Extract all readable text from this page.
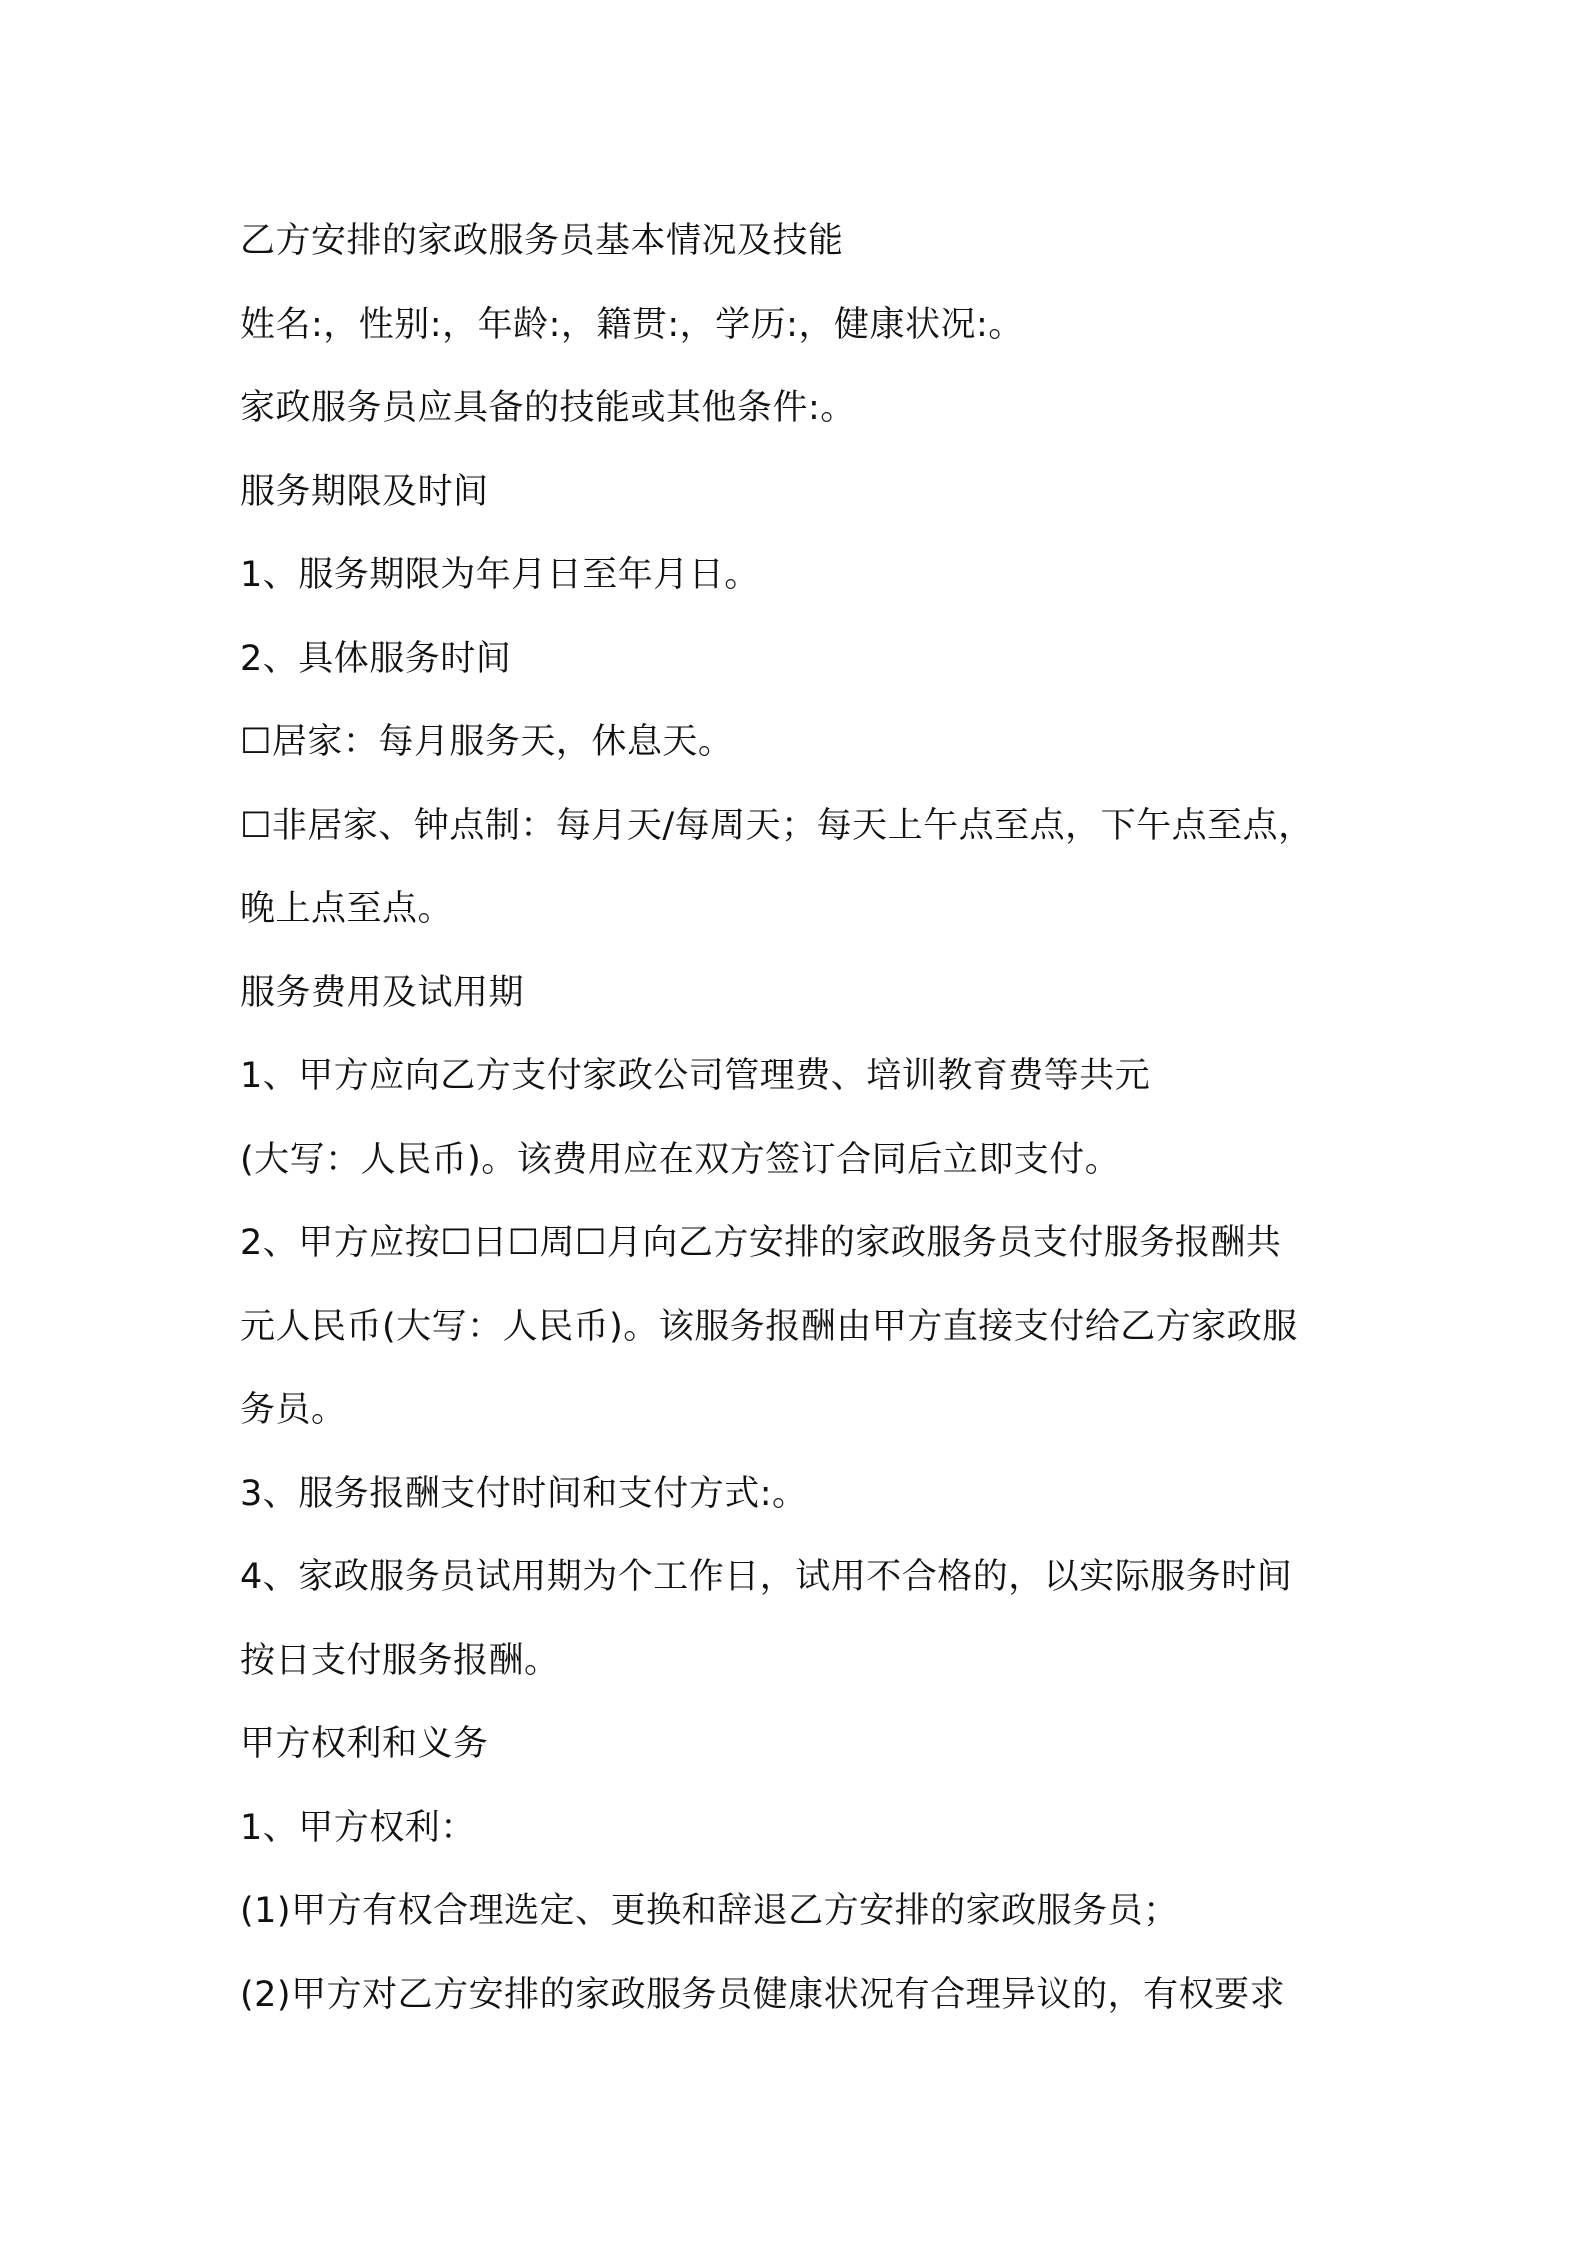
乙方安排的家政服务员基本情况及技能
姓名:，性别:，年龄:，籍贯:，学历:，健康状况:。
家政服务员应具备的技能或其他条件:。
服务期限及时间
1、服务期限为年月日至年月日。
2、具体服务时间
☐居家：每月服务天，休息天。
☐非居家、钟点制：每月天/每周天；每天上午点至点，下午点至点，
晚上点至点。
服务费用及试用期
1、甲方应向乙方支付家政公司管理费、培训教育费等共元
(大写：人民币)。该费用应在双方签订合同后立即支付。
2、甲方应按☐日☐周☐月向乙方安排的家政服务员支付服务报酬共
元人民币(大写：人民币)。该服务报酬由甲方直接支付给乙方家政服
务员。
3、服务报酬支付时间和支付方式:。
4、家政服务员试用期为个工作日，试用不合格的，以实际服务时间
按日支付服务报酬。
甲方权利和义务
1、甲方权利：
(1)甲方有权合理选定、更换和辞退乙方安排的家政服务员；
(2)甲方对乙方安排的家政服务员健康状况有合理异议的，有权要求
